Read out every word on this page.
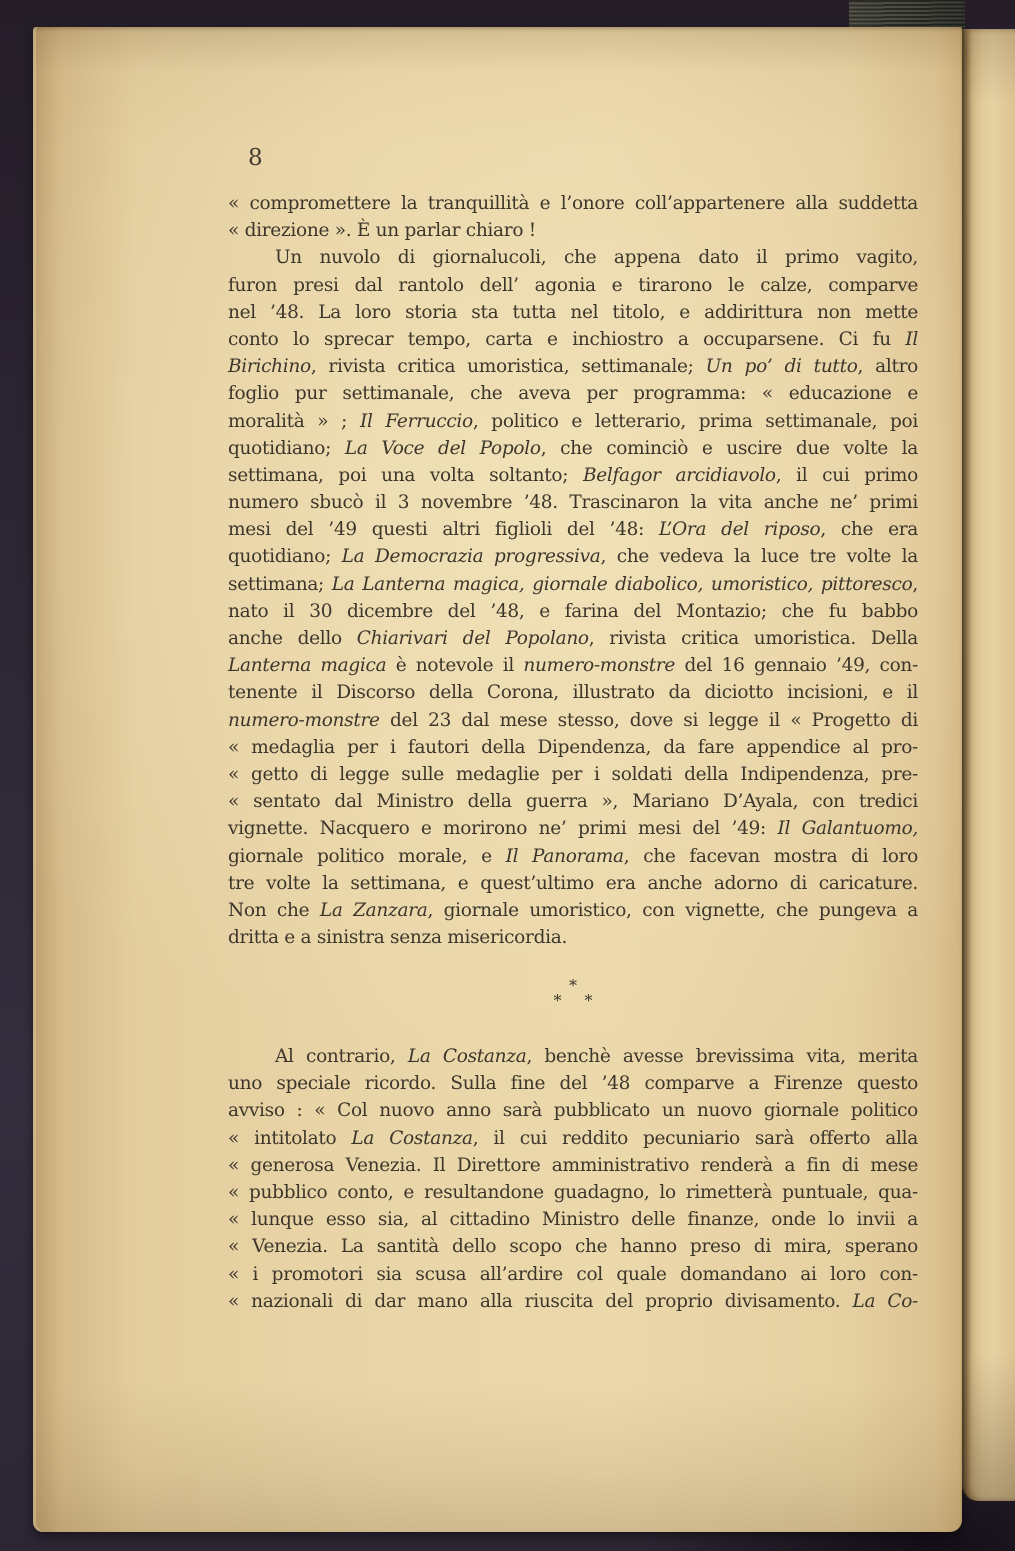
8
« compromettere la tranquillità e l’onore coll’appartenere alla suddetta
« direzione ». È un parlar chiaro !
Un nuvolo di giornalucoli, che appena dato il primo vagito,
furon presi dal rantolo dell’ agonia e tirarono le calze, comparve
nel ’48. La loro storia sta tutta nel titolo, e addirittura non mette
conto lo sprecar tempo, carta e inchiostro a occuparsene. Ci fu Il
Birichino, rivista critica umoristica, settimanale; Un po’ di tutto, altro
foglio pur settimanale, che aveva per programma: « educazione e
moralità » ; Il Ferruccio, politico e letterario, prima settimanale, poi
quotidiano; La Voce del Popolo, che cominciò e uscire due volte la
settimana, poi una volta soltanto; Belfagor arcidiavolo, il cui primo
numero sbucò il 3 novembre ’48. Trascinaron la vita anche ne’ primi
mesi del ’49 questi altri figlioli del ’48: L’Ora del riposo, che era
quotidiano; La Democrazia progressiva, che vedeva la luce tre volte la
settimana; La Lanterna magica, giornale diabolico, umoristico, pittoresco,
nato il 30 dicembre del ’48, e farina del Montazio; che fu babbo
anche dello Chiarivari del Popolano, rivista critica umoristica. Della
Lanterna magica è notevole il numero-monstre del 16 gennaio ’49, con-
tenente il Discorso della Corona, illustrato da diciotto incisioni, e il
numero-monstre del 23 dal mese stesso, dove si legge il « Progetto di
« medaglia per i fautori della Dipendenza, da fare appendice al pro-
« getto di legge sulle medaglie per i soldati della Indipendenza, pre-
« sentato dal Ministro della guerra », Mariano D’Ayala, con tredici
vignette. Nacquero e morirono ne’ primi mesi del ’49: Il Galantuomo,
giornale politico morale, e Il Panorama, che facevan mostra di loro
tre volte la settimana, e quest’ultimo era anche adorno di caricature.
Non che La Zanzara, giornale umoristico, con vignette, che pungeva a
dritta e a sinistra senza misericordia.
*
* *
Al contrario, La Costanza, benchè avesse brevissima vita, merita
uno speciale ricordo. Sulla fine del ’48 comparve a Firenze questo
avviso : « Col nuovo anno sarà pubblicato un nuovo giornale politico
« intitolato La Costanza, il cui reddito pecuniario sarà offerto alla
« generosa Venezia. Il Direttore amministrativo renderà a fin di mese
« pubblico conto, e resultandone guadagno, lo rimetterà puntuale, qua-
« lunque esso sia, al cittadino Ministro delle finanze, onde lo invii a
« Venezia. La santità dello scopo che hanno preso di mira, sperano
« i promotori sia scusa all’ardire col quale domandano ai loro con-
« nazionali di dar mano alla riuscita del proprio divisamento. La Co-
